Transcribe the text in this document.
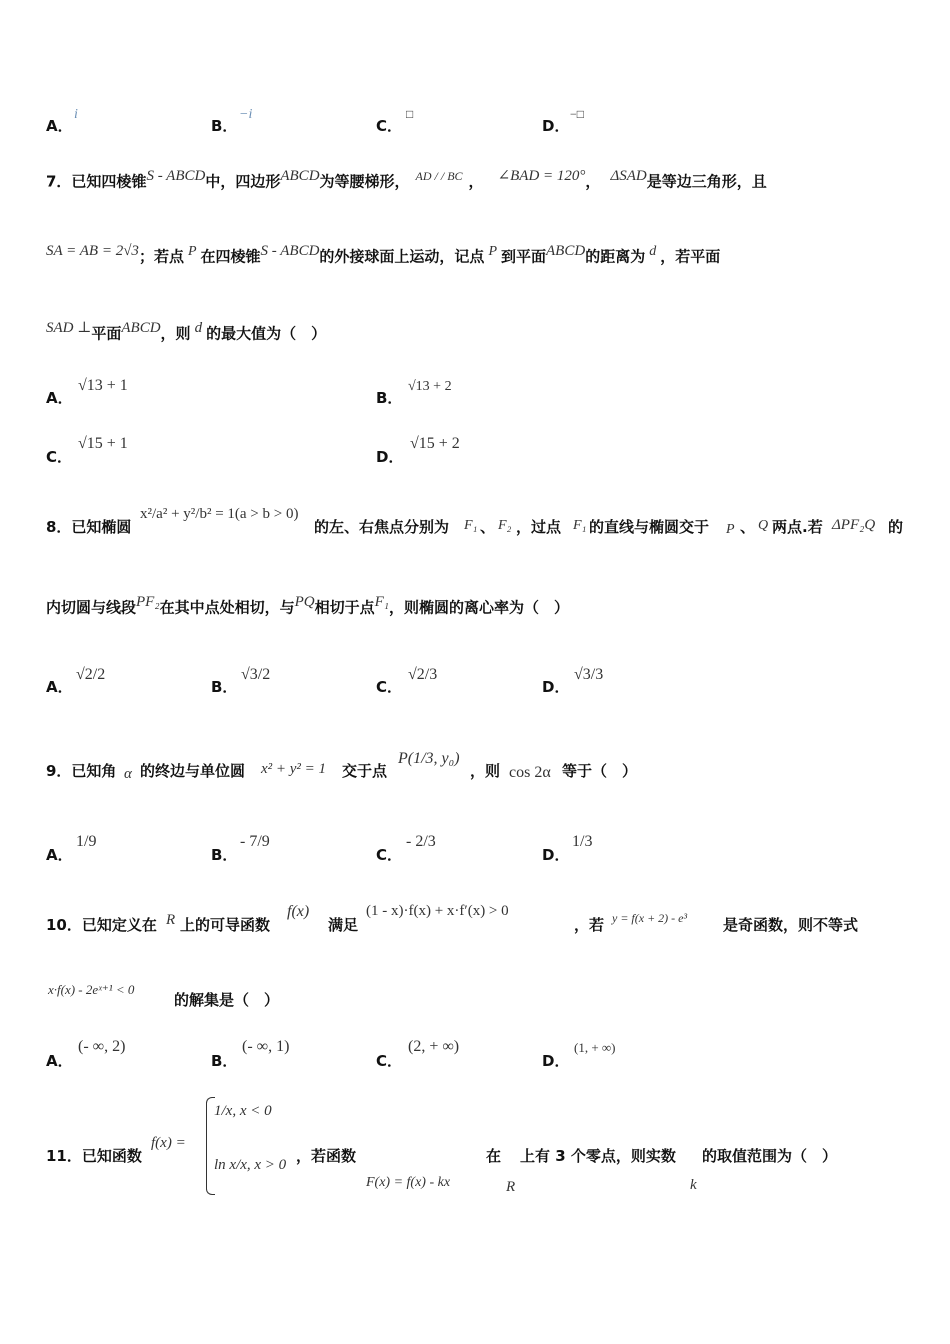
A．
i
B．
−i
C．
□
D．
−□
7．已知四棱锥$^{S - ABCD}$中，四边形$^{ABCD}$为等腰梯形， $^{AD / / BC}$ ， $^{\angle BAD = 120^\circ}$， $^{\Delta SAD}$是等边三角形，且
$^{SA = AB = 2√3}$；若点 $^P$ 在四棱锥$^{S - ABCD}$的外接球面上运动，记点 $^P$ 到平面$^{ABCD}$的距离为 $^d$ ，若平面
$^{SAD \perp}$平面$^{ABCD}$，则 $^d$ 的最大值为（　）
A．
√13 + 1
B．
√13 + 2
C．
√15 + 1
D．
√15 + 2
8．已知椭圆
x²/a² + y²/b² = 1(a > b > 0)
的左、右焦点分别为 F₁ 、 F₂ ，过点 F₁ 的直线与椭圆交于 P 、 Q 两点.若 ΔPF₂Q 的
内切圆与线段$^{PF_2}$在其中点处相切，与$^{PQ}$相切于点$^{F_1}$，则椭圆的离心率为（　）
A．
√2/2
B．
√3/2
C．
√2/3
D．
√3/3
9．已知角 α 的终边与单位圆 x² + y² = 1 交于点
P(1/3, y₀)
，则 cos 2α 等于（　）
A．
1/9
B．
- 7/9
C．
- 2/3
D．
1/3
10．已知定义在 R 上的可导函数
f(x)
满足
(1 - x)·f(x) + x·f′(x) > 0
，若 y = f(x + 2) - e³ 是奇函数，则不等式
x·f(x) - 2eˣ⁺¹ < 0
的解集是（　）
A．
(- ∞, 2)
B．
(- ∞, 1)
C．
(2, + ∞)
D．
(1, + ∞)
11．已知函数
f(x) =
1/x, x < 0
ln x/x, x > 0 ，若函数
F(x) = f(x) - kx
在
R
上有 3 个零点，则实数
k
的取值范围为（　）
